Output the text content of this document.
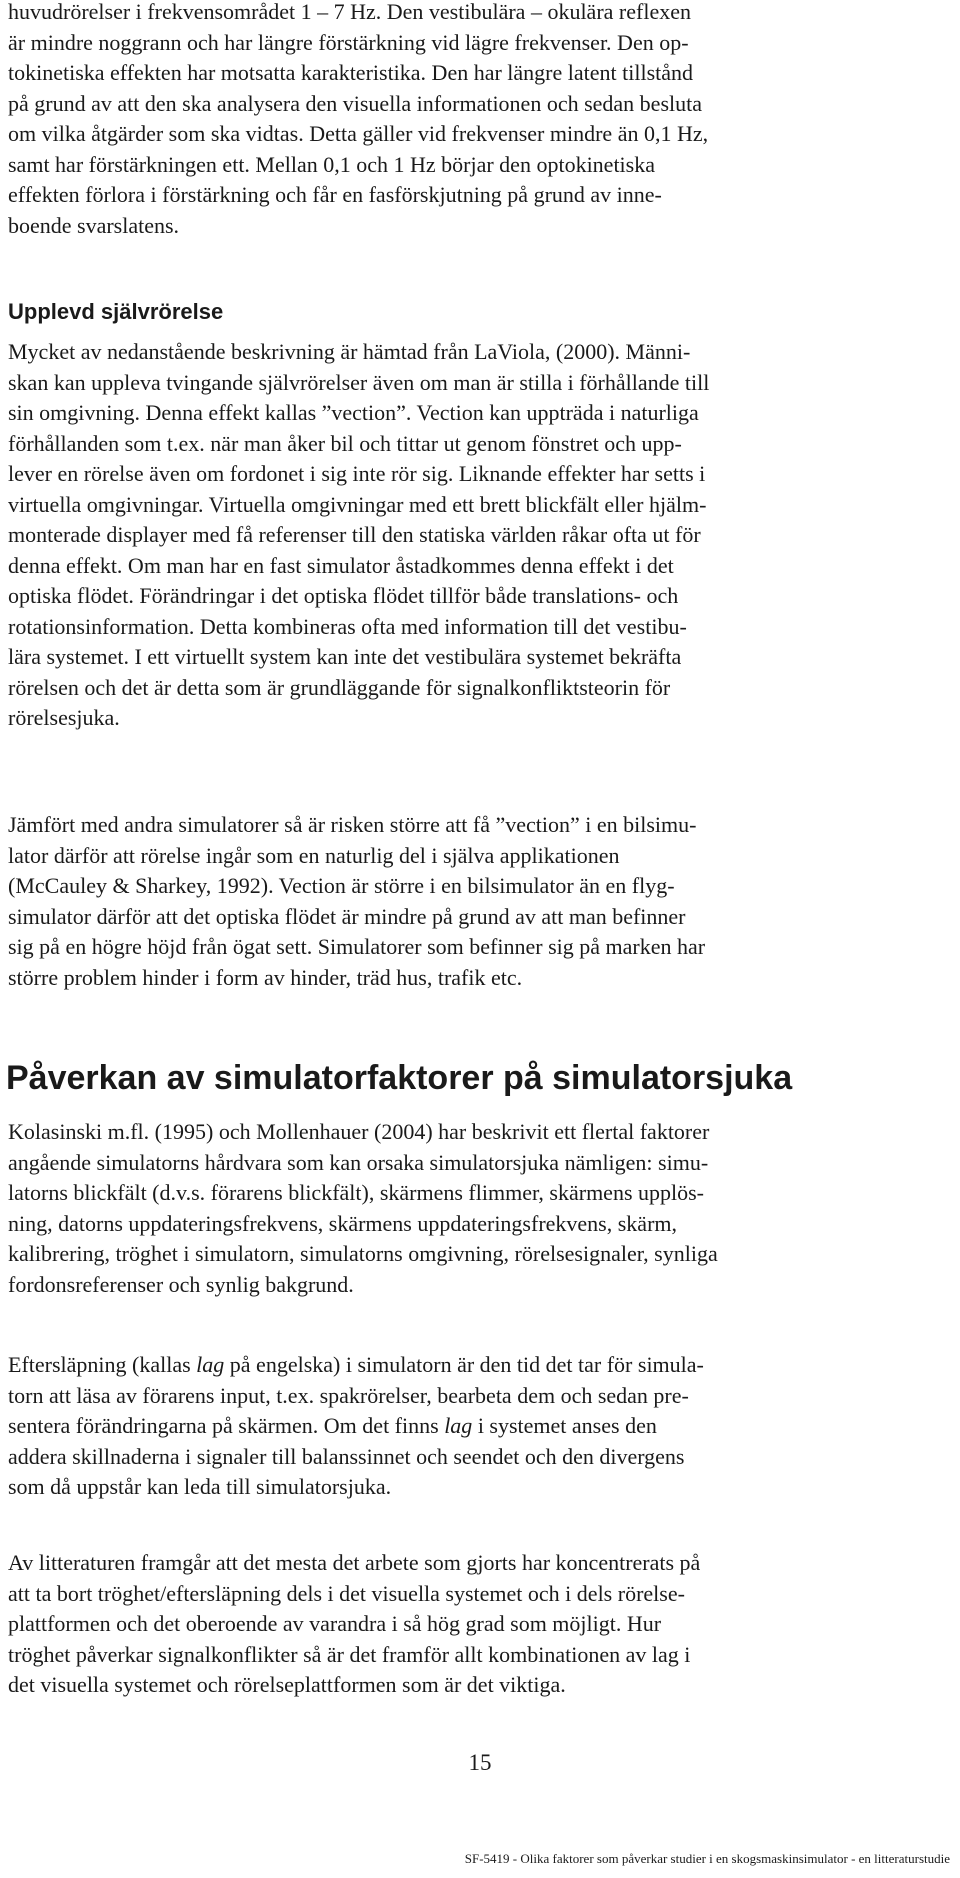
huvudrörelser i frekvensområdet 1 – 7 Hz. Den vestibulära – okulära reflexen
är mindre noggrann och har längre förstärkning vid lägre frekvenser. Den op-
tokinetiska effekten har motsatta karakteristika. Den har längre latent tillstånd
på grund av att den ska analysera den visuella informationen och sedan besluta
om vilka åtgärder som ska vidtas. Detta gäller vid frekvenser mindre än 0,1 Hz,
samt har förstärkningen ett. Mellan 0,1 och 1 Hz börjar den optokinetiska
effekten förlora i förstärkning och får en fasförskjutning på grund av inne-
boende svarslatens.
Upplevd självrörelse
Mycket av nedanstående beskrivning är hämtad från LaViola, (2000). Männi-
skan kan uppleva tvingande självrörelser även om man är stilla i förhållande till
sin omgivning. Denna effekt kallas ”vection”. Vection kan uppträda i naturliga
förhållanden som t.ex. när man åker bil och tittar ut genom fönstret och upp-
lever en rörelse även om fordonet i sig inte rör sig. Liknande effekter har setts i
virtuella omgivningar. Virtuella omgivningar med ett brett blickfält eller hjälm-
monterade displayer med få referenser till den statiska världen råkar ofta ut för
denna effekt. Om man har en fast simulator åstadkommes denna effekt i det
optiska flödet. Förändringar i det optiska flödet tillför både translations- och
rotationsinformation. Detta kombineras ofta med information till det vestibu-
lära systemet. I ett virtuellt system kan inte det vestibulära systemet bekräfta
rörelsen och det är detta som är grundläggande för signalkonfliktsteorin för
rörelsesjuka.
Jämfört med andra simulatorer så är risken större att få ”vection” i en bilsimu-
lator därför att rörelse ingår som en naturlig del i själva applikationen
(McCauley & Sharkey, 1992). Vection är större i en bilsimulator än en flyg-
simulator därför att det optiska flödet är mindre på grund av att man befinner
sig på en högre höjd från ögat sett. Simulatorer som befinner sig på marken har
större problem hinder i form av hinder, träd hus, trafik etc.
Påverkan av simulatorfaktorer på simulatorsjuka
Kolasinski m.fl. (1995) och Mollenhauer (2004) har beskrivit ett flertal faktorer
angående simulatorns hårdvara som kan orsaka simulatorsjuka nämligen: simu-
latorns blickfält (d.v.s. förarens blickfält), skärmens flimmer, skärmens upplös-
ning, datorns uppdateringsfrekvens, skärmens uppdateringsfrekvens, skärm,
kalibrering, tröghet i simulatorn, simulatorns omgivning, rörelsesignaler, synliga
fordonsreferenser och synlig bakgrund.
Eftersläpning (kallas lag på engelska) i simulatorn är den tid det tar för simula-
torn att läsa av förarens input, t.ex. spakrörelser, bearbeta dem och sedan pre-
sentera förändringarna på skärmen. Om det finns lag i systemet anses den
addera skillnaderna i signaler till balanssinnet och seendet och den divergens
som då uppstår kan leda till simulatorsjuka.
Av litteraturen framgår att det mesta det arbete som gjorts har koncentrerats på
att ta bort tröghet/eftersläpning dels i det visuella systemet och i dels rörelse-
plattformen och det oberoende av varandra i så hög grad som möjligt. Hur
tröghet påverkar signalkonflikter så är det framför allt kombinationen av lag i
det visuella systemet och rörelseplattformen som är det viktiga.
15
SF-5419 - Olika faktorer som påverkar studier i en skogsmaskinsimulator - en litteraturstudie
